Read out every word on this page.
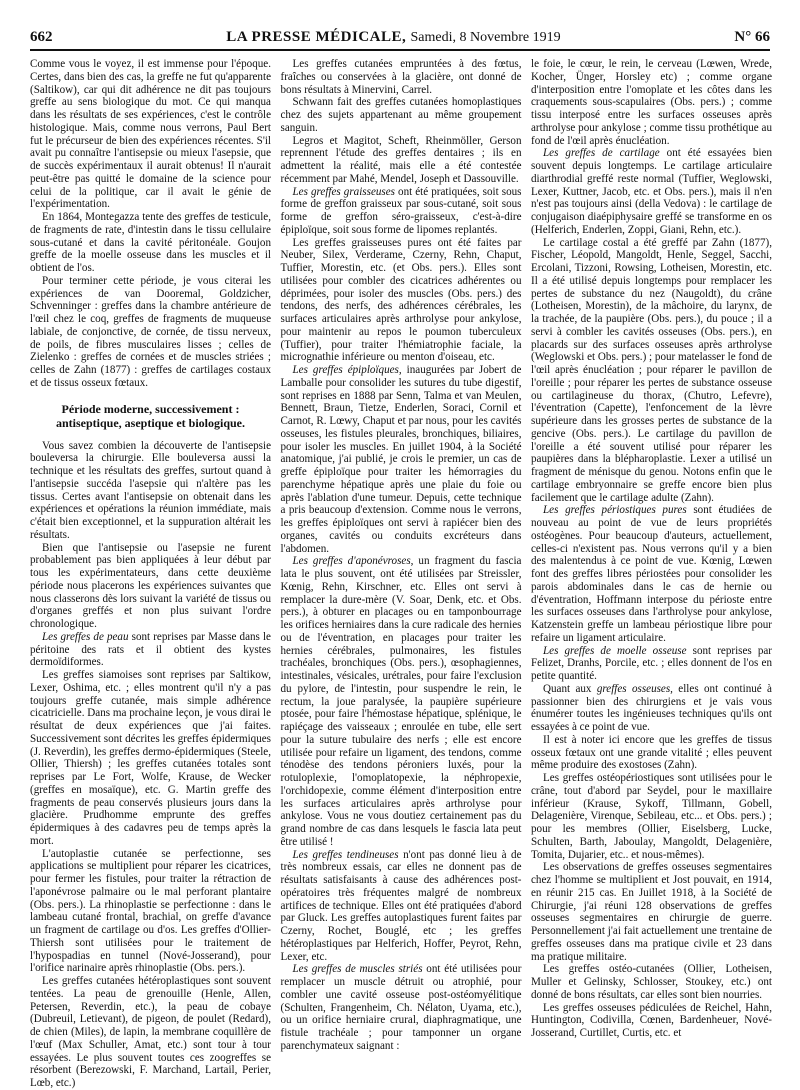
662	LA PRESSE MÉDICALE, Samedi, 8 Novembre 1919	N° 66

Comme vous le voyez, il est immense pour l'époque. Certes, dans bien des cas, la greffe ne fut qu'apparente (Saltikow), car qui dit adhérence ne dit pas toujours greffe au sens biologique du mot. Ce qui manqua dans les résultats de ses expériences, c'est le contrôle histologique. Mais, comme nous verrons, Paul Bert fut le précurseur de bien des expériences récentes. S'il avait pu connaître l'antisepsie ou mieux l'asepsie, que de succès expérimentaux il aurait obtenus! Il n'aurait peut-être pas quitté le domaine de la science pour celui de la politique, car il avait le génie de l'expérimentation.

En 1864, Montegazza tente des greffes de testicule, de fragments de rate, d'intestin dans le tissu cellulaire sous-cutané et dans la cavité péritonéale. Goujon greffe de la moelle osseuse dans les muscles et il obtient de l'os.

Pour terminer cette période, je vous citerai les expériences de van Dooremal, Goldzicher, Schvenninger : greffes dans la chambre antérieure de l'œil chez le coq, greffes de fragments de muqueuse labiale, de conjonctive, de cornée, de tissu nerveux, de poils, de fibres musculaires lisses ; celles de Zielenko : greffes de cornées et de muscles striées ; celles de Zahn (1877) : greffes de cartilages costaux et de tissus osseux fœtaux.

Période moderne, successivement : antiseptique, aseptique et biologique.

Vous savez combien la découverte de l'antisepsie bouleversa la chirurgie. Elle bouleversa aussi la technique et les résultats des greffes, surtout quand à l'antisepsie succéda l'asepsie qui n'altère pas les tissus. Certes avant l'antisepsie on obtenait dans les expériences et opérations la réunion immédiate, mais c'était bien exceptionnel, et la suppuration altérait les résultats.

Bien que l'antisepsie ou l'asepsie ne furent probablement pas bien appliquées à leur début par tous les expérimentateurs, dans cette deuxième période nous placerons les expériences suivantes que nous classerons dès lors suivant la variété de tissus ou d'organes greffés et non plus suivant l'ordre chronologique.

Les greffes de peau sont reprises par Masse dans le péritoine des rats et il obtient des kystes dermoïdiformes.

Les greffes siamoises sont reprises par Saltikow, Lexer, Oshima, etc. ; elles montrent qu'il n'y a pas toujours greffe cutanée, mais simple adhérence cicatricielle. Dans ma prochaine leçon, je vous dirai le résultat de deux expériences que j'ai faites. Successivement sont décrites les greffes épidermiques (J. Reverdin), les greffes dermo-épidermiques (Steele, Ollier, Thiersh) ; les greffes cutanées totales sont reprises par Le Fort, Wolfe, Krause, de Wecker (greffes en mosaïque), etc. G. Martin greffe des fragments de peau conservés plusieurs jours dans la glacière. Prudhomme emprunte des greffes épidermiques à des cadavres peu de temps après la mort.

L'autoplastie cutanée se perfectionne, ses applications se multiplient pour réparer les cicatrices, pour fermer les fistules, pour traiter la rétraction de l'aponévrose palmaire ou le mal perforant plantaire (Obs. pers.). La rhinoplastie se perfectionne : dans le lambeau cutané frontal, brachial, on greffe d'avance un fragment de cartilage ou d'os. Les greffes d'Ollier-Thiersh sont utilisées pour le traitement de l'hypospadias en tunnel (Nové-Josserand), pour l'orifice narinaire après rhinoplastie (Obs. pers.).

Les greffes cutanées hétéroplastiques sont souvent tentées. La peau de grenouille (Henle, Allen, Petersen, Reverdin, etc.), la peau de cobaye (Dubreuil, Letievant), de pigeon, de poulet (Redard), de chien (Miles), de lapin, la membrane coquillère de l'œuf (Max Schuller, Amat, etc.) sont tour à tour essayées. Le plus souvent toutes ces zoogreffes se résorbent (Berezowski, F. Marchand, Lartail, Perier, Lœb, etc.)

Les greffes cutanées empruntées à des fœtus, fraîches ou conservées à la glacière, ont donné de bons résultats à Minervini, Carrel.

Schwann fait des greffes cutanées homoplastiques chez des sujets appartenant au même groupement sanguin.

Legros et Magitot, Scheft, Rheinmöller, Gerson reprennent l'étude des greffes dentaires ; ils en admettent la réalité, mais elle a été contestée récemment par Mahé, Mendel, Joseph et Dassouville.

Les greffes graisseuses ont été pratiquées, soit sous forme de greffon graisseux par sous-cutané, soit sous forme de greffon séro-graisseux, c'est-à-dire épiploïque, soit sous forme de lipomes replantés.

Les greffes graisseuses pures ont été faites par Neuber, Silex, Verderame, Czerny, Rehn, Chaput, Tuffier, Morestin, etc. (et Obs. pers.). Elles sont utilisées pour combler des cicatrices adhérentes ou déprimées, pour isoler des muscles (Obs. pers.) des tendons, des nerfs, des adhérences cérébrales, les surfaces articulaires après arthrolyse pour ankylose, pour maintenir au repos le poumon tuberculeux (Tuffier), pour traiter l'hémiatrophie faciale, la micrognathie inférieure ou menton d'oiseau, etc.

Les greffes épiploïques, inaugurées par Jobert de Lamballe pour consolider les sutures du tube digestif, sont reprises en 1888 par Senn, Talma et van Meulen, Bennett, Braun, Tietze, Enderlen, Soraci, Cornil et Carnot, R. Lœwy, Chaput et par nous, pour les cavités osseuses, les fistules pleurales, bronchiques, biliaires, pour isoler les muscles. En juillet 1904, à la Société anatomique, j'ai publié, je crois le premier, un cas de greffe épiploïque pour traiter les hémorragies du parenchyme hépatique après une plaie du foie ou après l'ablation d'une tumeur. Depuis, cette technique a pris beaucoup d'extension. Comme nous le verrons, les greffes épiploïques ont servi à rapiécer bien des organes, cavités ou conduits excréteurs dans l'abdomen.

Les greffes d'aponévroses, un fragment du fascia lata le plus souvent, ont été utilisées par Streissler, Kœnig, Rehn, Kirschner, etc. Elles ont servi à remplacer la dure-mère (V. Soar, Denk, etc. et Obs. pers.), à obturer en placages ou en tamponbourrage les orifices herniaires dans la cure radicale des hernies ou de l'éventration, en placages pour traiter les hernies cérébrales, pulmonaires, les fistules trachéales, bronchiques (Obs. pers.), œsophagiennes, intestinales, vésicales, urétrales, pour faire l'exclusion du pylore, de l'intestin, pour suspendre le rein, le rectum, la joue paralysée, la paupière supérieure ptosée, pour faire l'hémostase hépatique, splénique, le rapiéçage des vaisseaux ; enroulée en tube, elle sert pour la suture tubulaire des nerfs ; elle est encore utilisée pour refaire un ligament, des tendons, comme ténodèse des tendons péroniers luxés, pour la rotuloplexie, l'omoplatopexie, la néphropexie, l'orchidopexie, comme élément d'interposition entre les surfaces articulaires après arthrolyse pour ankylose. Vous ne vous doutiez certainement pas du grand nombre de cas dans lesquels le fascia lata peut être utilisé !

Les greffes tendineuses n'ont pas donné lieu à de très nombreux essais, car elles ne donnent pas de résultats satisfaisants à cause des adhérences post-opératoires très fréquentes malgré de nombreux artifices de technique. Elles ont été pratiquées d'abord par Gluck. Les greffes autoplastiques furent faites par Czerny, Rochet, Bouglé, etc ; les greffes hétéroplastiques par Helferich, Hoffer, Peyrot, Rehn, Lexer, etc.

Les greffes de muscles striés ont été utilisées pour remplacer un muscle détruit ou atrophié, pour combler une cavité osseuse post-ostéomyélitique (Schulten, Frangenheim, Ch. Nélaton, Uyama, etc.), ou un orifice herniaire crural, diaphragmatique, une fistule trachéale ; pour tamponner un organe parenchymateux saignant :

le foie, le cœur, le rein, le cerveau (Lœwen, Wrede, Kocher, Ünger, Horsley etc) ; comme organe d'interposition entre l'omoplate et les côtes dans les craquements sous-scapulaires (Obs. pers.) ; comme tissu interposé entre les surfaces osseuses après arthrolyse pour ankylose ; comme tissu prothétique au fond de l'œil après énucléation.

Les greffes de cartilage ont été essayées bien souvent depuis longtemps. Le cartilage articulaire diarthrodial greffé reste normal (Tuffier, Weglowski, Lexer, Kuttner, Jacob, etc. et Obs. pers.), mais il n'en n'est pas toujours ainsi (della Vedova) : le cartilage de conjugaison diaépiphysaire greffé se transforme en os (Helferich, Enderlen, Zoppi, Giani, Rehn, etc.).

Le cartilage costal a été greffé par Zahn (1877), Fischer, Léopold, Mangoldt, Henle, Seggel, Sacchi, Ercolani, Tizzoni, Rowsing, Lotheisen, Morestin, etc. Il a été utilisé depuis longtemps pour remplacer les pertes de substance du nez (Naugoldt), du crâne (Lotheisen, Morestin), de la mâchoire, du larynx, de la trachée, de la paupière (Obs. pers.), du pouce ; il a servi à combler les cavités osseuses (Obs. pers.), en placards sur des surfaces osseuses après arthrolyse (Weglowski et Obs. pers.) ; pour matelasser le fond de l'œil après énucléation ; pour réparer le pavillon de l'oreille ; pour réparer les pertes de substance osseuse ou cartilagineuse du thorax, (Chutro, Lefevre), l'éventration (Capette), l'enfoncement de la lèvre supérieure dans les grosses pertes de substance de la gencive (Obs. pers.). Le cartilage du pavillon de l'oreille a été souvent utilisé pour réparer les paupières dans la blépharoplastie. Lexer a utilisé un fragment de ménisque du genou. Notons enfin que le cartilage embryonnaire se greffe encore bien plus facilement que le cartilage adulte (Zahn).

Les greffes périostiques pures sont étudiées de nouveau au point de vue de leurs propriétés ostéogènes. Pour beaucoup d'auteurs, actuellement, celles-ci n'existent pas. Nous verrons qu'il y a bien des malentendus à ce point de vue. Kœnig, Lœwen font des greffes libres périostées pour consolider les parois abdominales dans le cas de hernie ou d'éventration, Hoffmann interpose du périoste entre les surfaces osseuses dans l'arthrolyse pour ankylose, Katzenstein greffe un lambeau périostique libre pour refaire un ligament articulaire.

Les greffes de moelle osseuse sont reprises par Felizet, Dranhs, Porcile, etc. ; elles donnent de l'os en petite quantité.

Quant aux greffes osseuses, elles ont continué à passionner bien des chirurgiens et je vais vous énumérer toutes les ingénieuses techniques qu'ils ont essayées à ce point de vue.

Il est à noter ici encore que les greffes de tissus osseux fœtaux ont une grande vitalité ; elles peuvent même produire des exostoses (Zahn).

Les greffes ostéopériostiques sont utilisées pour le crâne, tout d'abord par Seydel, pour le maxillaire inférieur (Krause, Sykoff, Tillmann, Gobell, Delagenière, Virenque, Sebileau, etc... et Obs. pers.) ; pour les membres (Ollier, Eiselsberg, Lucke, Schulten, Barth, Jaboulay, Mangoldt, Delagenière, Tomita, Dujarier, etc.. et nous-mêmes).

Les observations de greffes osseuses segmentaires chez l'homme se multiplient et Jost pouvait, en 1914, en réunir 215 cas. En Juillet 1918, à la Société de Chirurgie, j'ai réuni 128 observations de greffes osseuses segmentaires en chirurgie de guerre. Personnellement j'ai fait actuellement une trentaine de greffes osseuses dans ma pratique civile et 23 dans ma pratique militaire.

Les greffes ostéo-cutanées (Ollier, Lotheisen, Muller et Gelinsky, Schlosser, Stoukey, etc.) ont donné de bons résultats, car elles sont bien nourries.

Les greffes osseuses pédiculées de Reichel, Hahn, Huntington, Codivilla, Cœnen, Bardenheuer, Nové-Josserand, Curtillet, Curtis, etc. et
